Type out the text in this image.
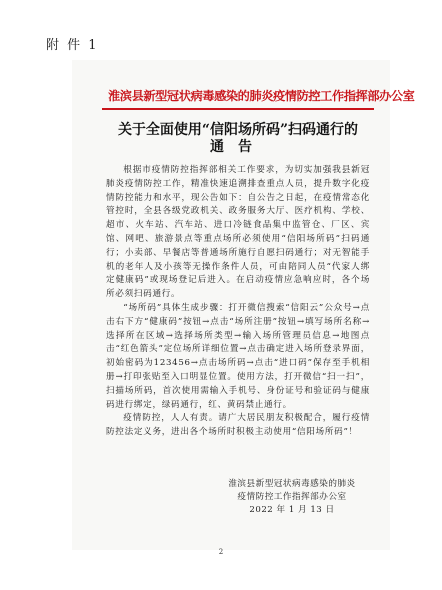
附 件 1
淮滨县新型冠状病毒感染的肺炎疫情防控工作指挥部办公室
关于全面使用“信阳场所码”扫码通行的
通告

根据市疫情防控指挥部相关工作要求，为切实加强我县新冠肺炎疫情防控工作，精准快速追溯排查重点人员，提升数字化疫情防控能力和水平，现公告如下：自公告之日起，在疫情常态化管控时，全县各级党政机关、政务服务大厅、医疗机构、学校、超市、火车站、汽车站、进口冷链食品集中监管仓、厂区、宾馆、网吧、旅游景点等重点场所必须使用“信阳场所码”扫码通行；小卖部、早餐店等普通场所施行自愿扫码通行；对无智能手机的老年人及小孩等无操作条件人员，可由陪同人员“代家人绑定健康码”或现场登记后进入。在启动疫情应急响应时，各个场所必须扫码通行。

“场所码”具体生成步骤：打开微信搜索“信阳云”公众号→点击右下方“健康码”按钮→点击“场所注册”按钮→填写场所名称→选择所在区域→选择场所类型→输入场所管理员信息→地图点击“红色箭头”定位场所详细位置→点击确定进入场所登录界面，初始密码为123456→点击场所码→点击“进口码”保存至手机相册→打印张贴至入口明显位置。使用方法，打开微信“扫一扫”，扫描场所码，首次使用需输入手机号、身份证号和验证码与健康码进行绑定，绿码通行，红、黄码禁止通行。

疫情防控，人人有责。请广大居民朋友积极配合，履行疫情防控法定义务，进出各个场所时积极主动使用“信阳场所码”！

淮滨县新型冠状病毒感染的肺炎
疫情防控工作指挥部办公室
2022 年 1 月 13 日
2
